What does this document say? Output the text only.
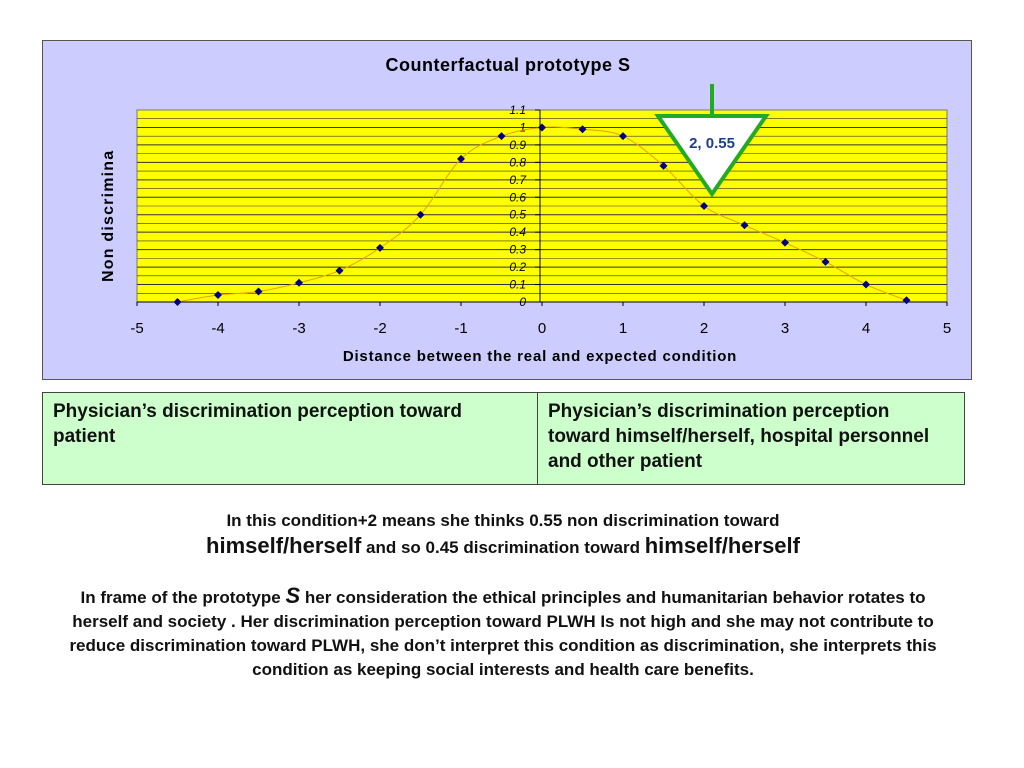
Counterfactual prototype S
0
0.1
0.2
0.3
0.4
0.5
0.6
0.7
0.8
0.9
1
1.1
-5	-4	-3	-2	-1	0	1	2	3	4	5
Distance between the real and expected condition
Non discrimina
2, 0.55
Physician’s discrimination perception toward patient	Physician’s discrimination perception toward himself/herself, hospital personnel and other patient

In this condition+2 means she thinks 0.55 non discrimination toward

himself/herself and so 0.45 discrimination toward himself/herself

In frame of the prototype S her consideration the ethical principles and humanitarian behavior rotates to herself and society . Her discrimination perception toward PLWH Is not high and she may not contribute to reduce discrimination toward PLWH, she don’t interpret this condition as discrimination, she interprets this condition as keeping social interests and health care benefits.
